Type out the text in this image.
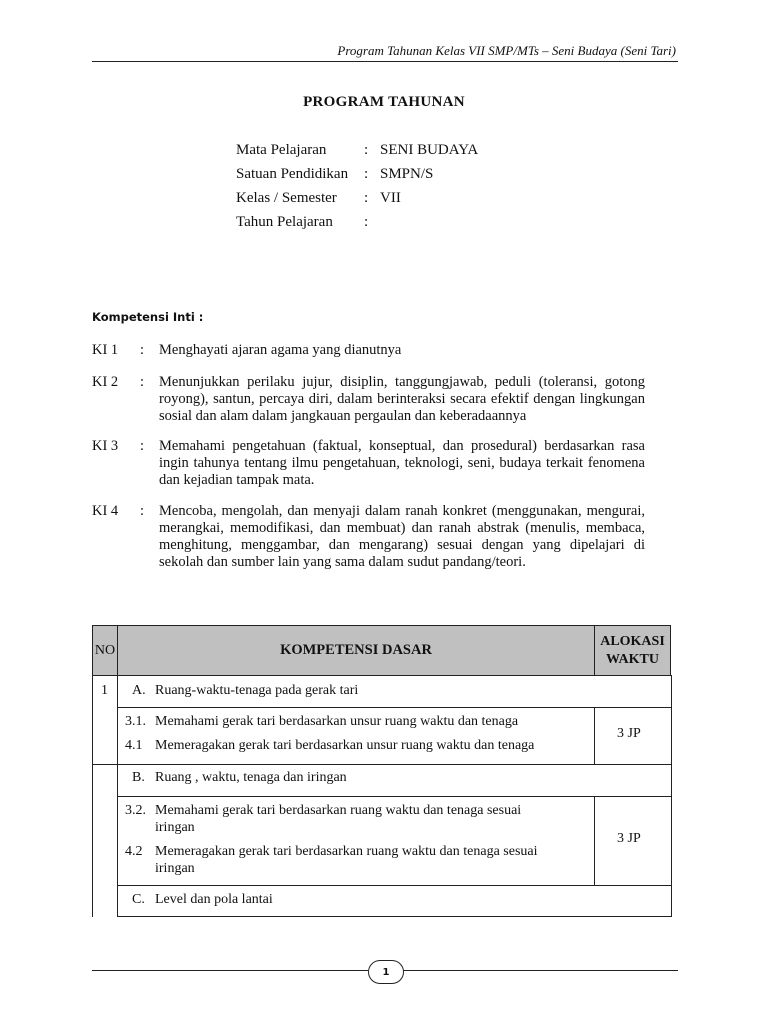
Program Tahunan Kelas VII SMP/MTs – Seni Budaya (Seni Tari)
PROGRAM TAHUNAN
Mata Pelajaran	: SENI BUDAYA
Satuan Pendidikan	: SMPN/S
Kelas / Semester	: VII
Tahun Pelajaran	:
Kompetensi Inti :
KI 1	:	Menghayati ajaran agama yang dianutnya
KI 2	:	Menunjukkan perilaku jujur, disiplin, tanggungjawab, peduli (toleransi, gotong royong), santun, percaya diri, dalam berinteraksi secara efektif dengan lingkungan sosial dan alam dalam jangkauan pergaulan dan keberadaannya
KI 3	:	Memahami pengetahuan (faktual, konseptual, dan prosedural) berdasarkan rasa ingin tahunya tentang ilmu pengetahuan, teknologi, seni, budaya terkait fenomena dan kejadian tampak mata.
KI 4	:	Mencoba, mengolah, dan menyaji dalam ranah konkret (menggunakan, mengurai, merangkai, memodifikasi, dan membuat) dan ranah abstrak (menulis, membaca, menghitung, menggambar, dan mengarang) sesuai dengan yang dipelajari di sekolah dan sumber lain yang sama dalam sudut pandang/teori.
NO	KOMPETENSI DASAR
ALOKASI
WAKTU
1 A. Ruang-waktu-tenaga pada gerak tari
3.1. Memahami gerak tari berdasarkan unsur ruang waktu dan tenaga
4.1 Memeragakan gerak tari berdasarkan unsur ruang waktu dan tenaga
3 JP
B. Ruang , waktu, tenaga dan iringan
3.2. Memahami gerak tari berdasarkan ruang waktu dan tenaga sesuai
iringan
4.2 Memeragakan gerak tari berdasarkan ruang waktu dan tenaga sesuai
iringan
3 JP
C. Level dan pola lantai
1
